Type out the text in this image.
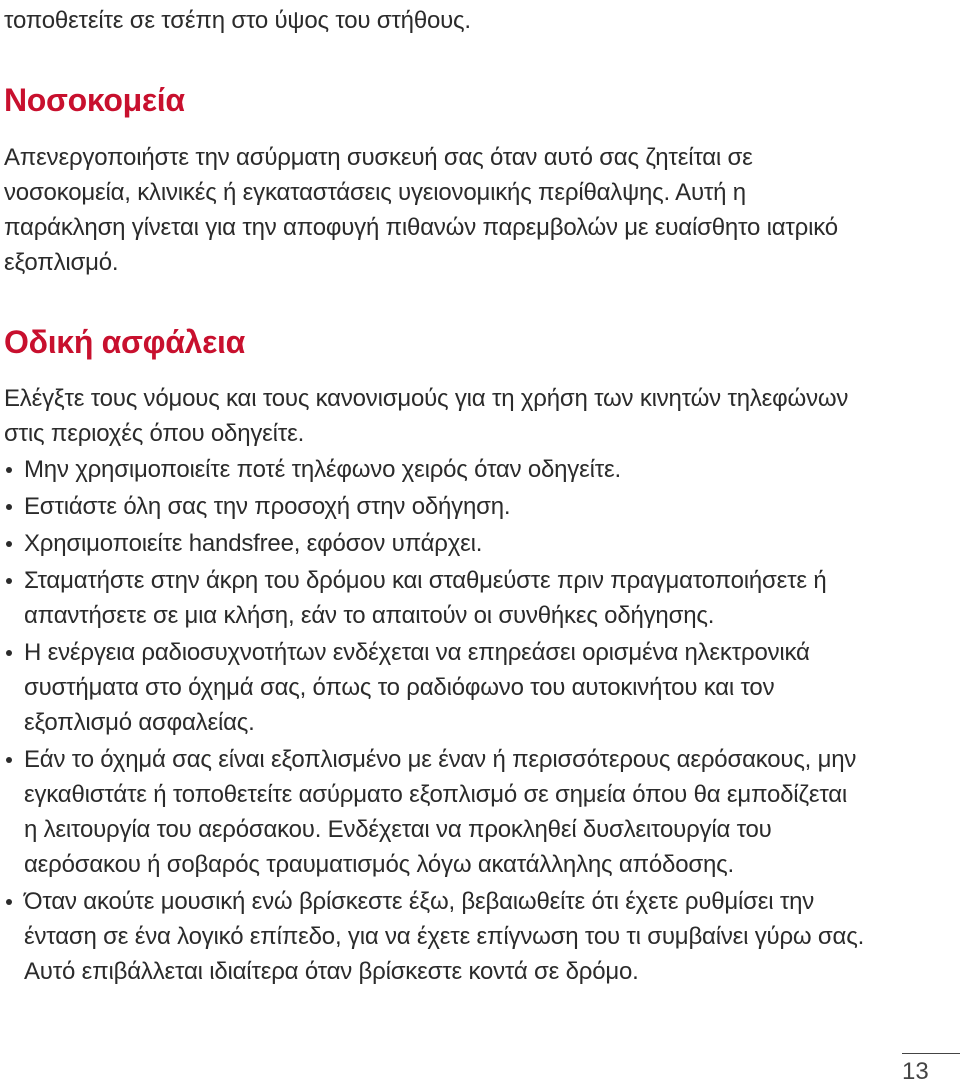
τοποθετείτε σε τσέπη στο ύψος του στήθους.
Νοσοκομεία
Απενεργοποιήστε την ασύρματη συσκευή σας όταν αυτό σας ζητείται σε
νοσοκομεία, κλινικές ή εγκαταστάσεις υγειονομικής περίθαλψης. Αυτή η
παράκληση γίνεται για την αποφυγή πιθανών παρεμβολών με ευαίσθητο ιατρικό
εξοπλισμό.
Οδική ασφάλεια
Ελέγξτε τους νόμους και τους κανονισμούς για τη χρήση των κινητών τηλεφώνων
στις περιοχές όπου οδηγείτε.
Μην χρησιμοποιείτε ποτέ τηλέφωνο χειρός όταν οδηγείτε.
Εστιάστε όλη σας την προσοχή στην οδήγηση.
Χρησιμοποιείτε handsfree, εφόσον υπάρχει.
Σταματήστε στην άκρη του δρόμου και σταθμεύστε πριν πραγματοποιήσετε ή
απαντήσετε σε μια κλήση, εάν το απαιτούν οι συνθήκες οδήγησης.
Η ενέργεια ραδιοσυχνοτήτων ενδέχεται να επηρεάσει ορισμένα ηλεκτρονικά
συστήματα στο όχημά σας, όπως το ραδιόφωνο του αυτοκινήτου και τον
εξοπλισμό ασφαλείας.
Εάν το όχημά σας είναι εξοπλισμένο με έναν ή περισσότερους αερόσακους, μην
εγκαθιστάτε ή τοποθετείτε ασύρματο εξοπλισμό σε σημεία όπου θα εμποδίζεται
η λειτουργία του αερόσακου. Ενδέχεται να προκληθεί δυσλειτουργία του
αερόσακου ή σοβαρός τραυματισμός λόγω ακατάλληλης απόδοσης.
Όταν ακούτε μουσική ενώ βρίσκεστε έξω, βεβαιωθείτε ότι έχετε ρυθμίσει την
ένταση σε ένα λογικό επίπεδο, για να έχετε επίγνωση του τι συμβαίνει γύρω σας.
Αυτό επιβάλλεται ιδιαίτερα όταν βρίσκεστε κοντά σε δρόμο.
13
